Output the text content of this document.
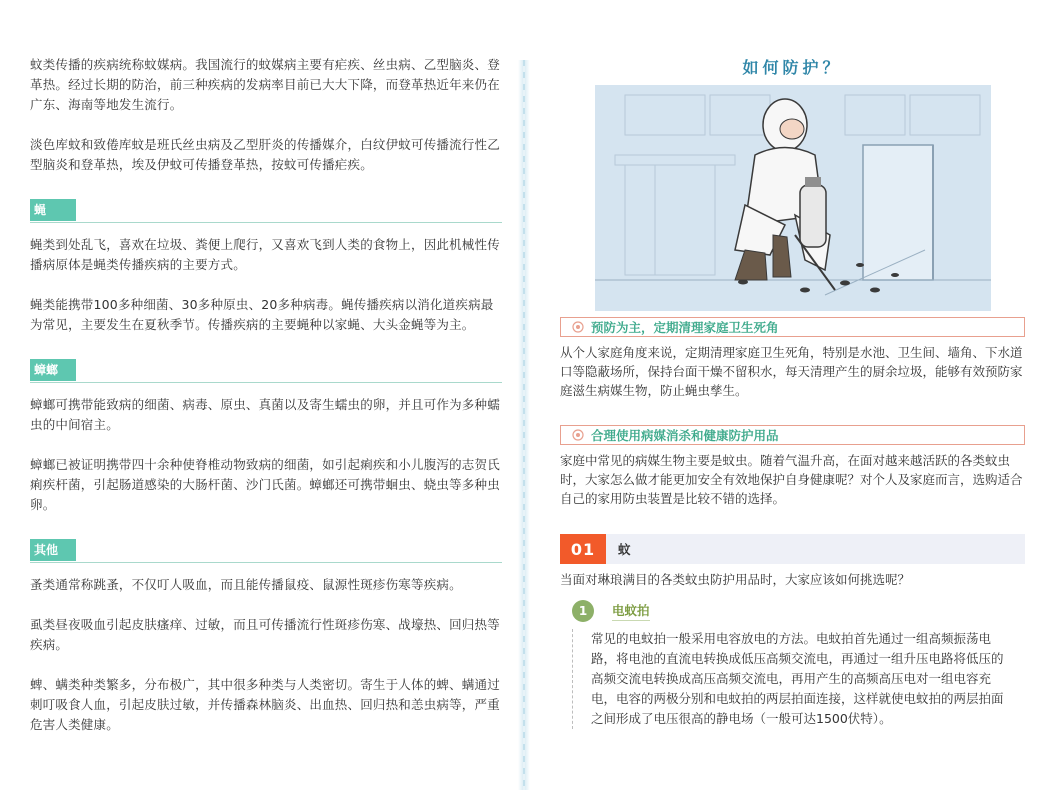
蚊类传播的疾病统称蚊媒病。我国流行的蚊媒病主要有疟疾、丝虫病、乙型脑炎、登革热。经过长期的防治，前三种疾病的发病率目前已大大下降，而登革热近年来仍在广东、海南等地发生流行。

淡色库蚊和致倦库蚊是班氏丝虫病及乙型肝炎的传播媒介，白纹伊蚊可传播流行性乙型脑炎和登革热，埃及伊蚊可传播登革热，按蚊可传播疟疾。

蝇

蝇类到处乱飞，喜欢在垃圾、粪便上爬行，又喜欢飞到人类的食物上，因此机械性传播病原体是蝇类传播疾病的主要方式。

蝇类能携带100多种细菌、30多种原虫、20多种病毒。蝇传播疾病以消化道疾病最为常见，主要发生在夏秋季节。传播疾病的主要蝇种以家蝇、大头金蝇等为主。

蟑螂

蟑螂可携带能致病的细菌、病毒、原虫、真菌以及寄生蠕虫的卵，并且可作为多种蠕虫的中间宿主。

蟑螂已被证明携带四十余种使脊椎动物致病的细菌，如引起痢疾和小儿腹泻的志贺氏痢疾杆菌，引起肠道感染的大肠杆菌、沙门氏菌。蟑螂还可携带蛔虫、蛲虫等多种虫卵。

其他

蚤类通常称跳蚤，不仅叮人吸血，而且能传播鼠疫、鼠源性斑疹伤寒等疾病。

虱类昼夜吸血引起皮肤瘙痒、过敏，而且可传播流行性斑疹伤寒、战壕热、回归热等疾病。

蜱、螨类种类繁多，分布极广，其中很多种类与人类密切。寄生于人体的蜱、螨通过刺叮吸食人血，引起皮肤过敏，并传播森林脑炎、出血热、回归热和恙虫病等，严重危害人类健康。

如何防护？
预防为主，定期清理家庭卫生死角

从个人家庭角度来说，定期清理家庭卫生死角，特别是水池、卫生间、墙角、下水道口等隐蔽场所，保持台面干燥不留积水，每天清理产生的厨余垃圾，能够有效预防家庭滋生病媒生物，防止蝇虫孳生。

合理使用病媒消杀和健康防护用品

家庭中常见的病媒生物主要是蚊虫。随着气温升高，在面对越来越活跃的各类蚊虫时，大家怎么做才能更加安全有效地保护自身健康呢？对个人及家庭而言，选购适合自己的家用防虫装置是比较不错的选择。

01	蚊

当面对琳琅满目的各类蚊虫防护用品时，大家应该如何挑选呢？

1	电蚊拍
常见的电蚊拍一般采用电容放电的方法。电蚊拍首先通过一组高频振荡电路，将电池的直流电转换成低压高频交流电，再通过一组升压电路将低压的高频交流电转换成高压高频交流电，再用产生的高频高压电对一组电容充电，电容的两极分别和电蚊拍的两层拍面连接，这样就使电蚊拍的两层拍面之间形成了电压很高的静电场（一般可达1500伏特）。
